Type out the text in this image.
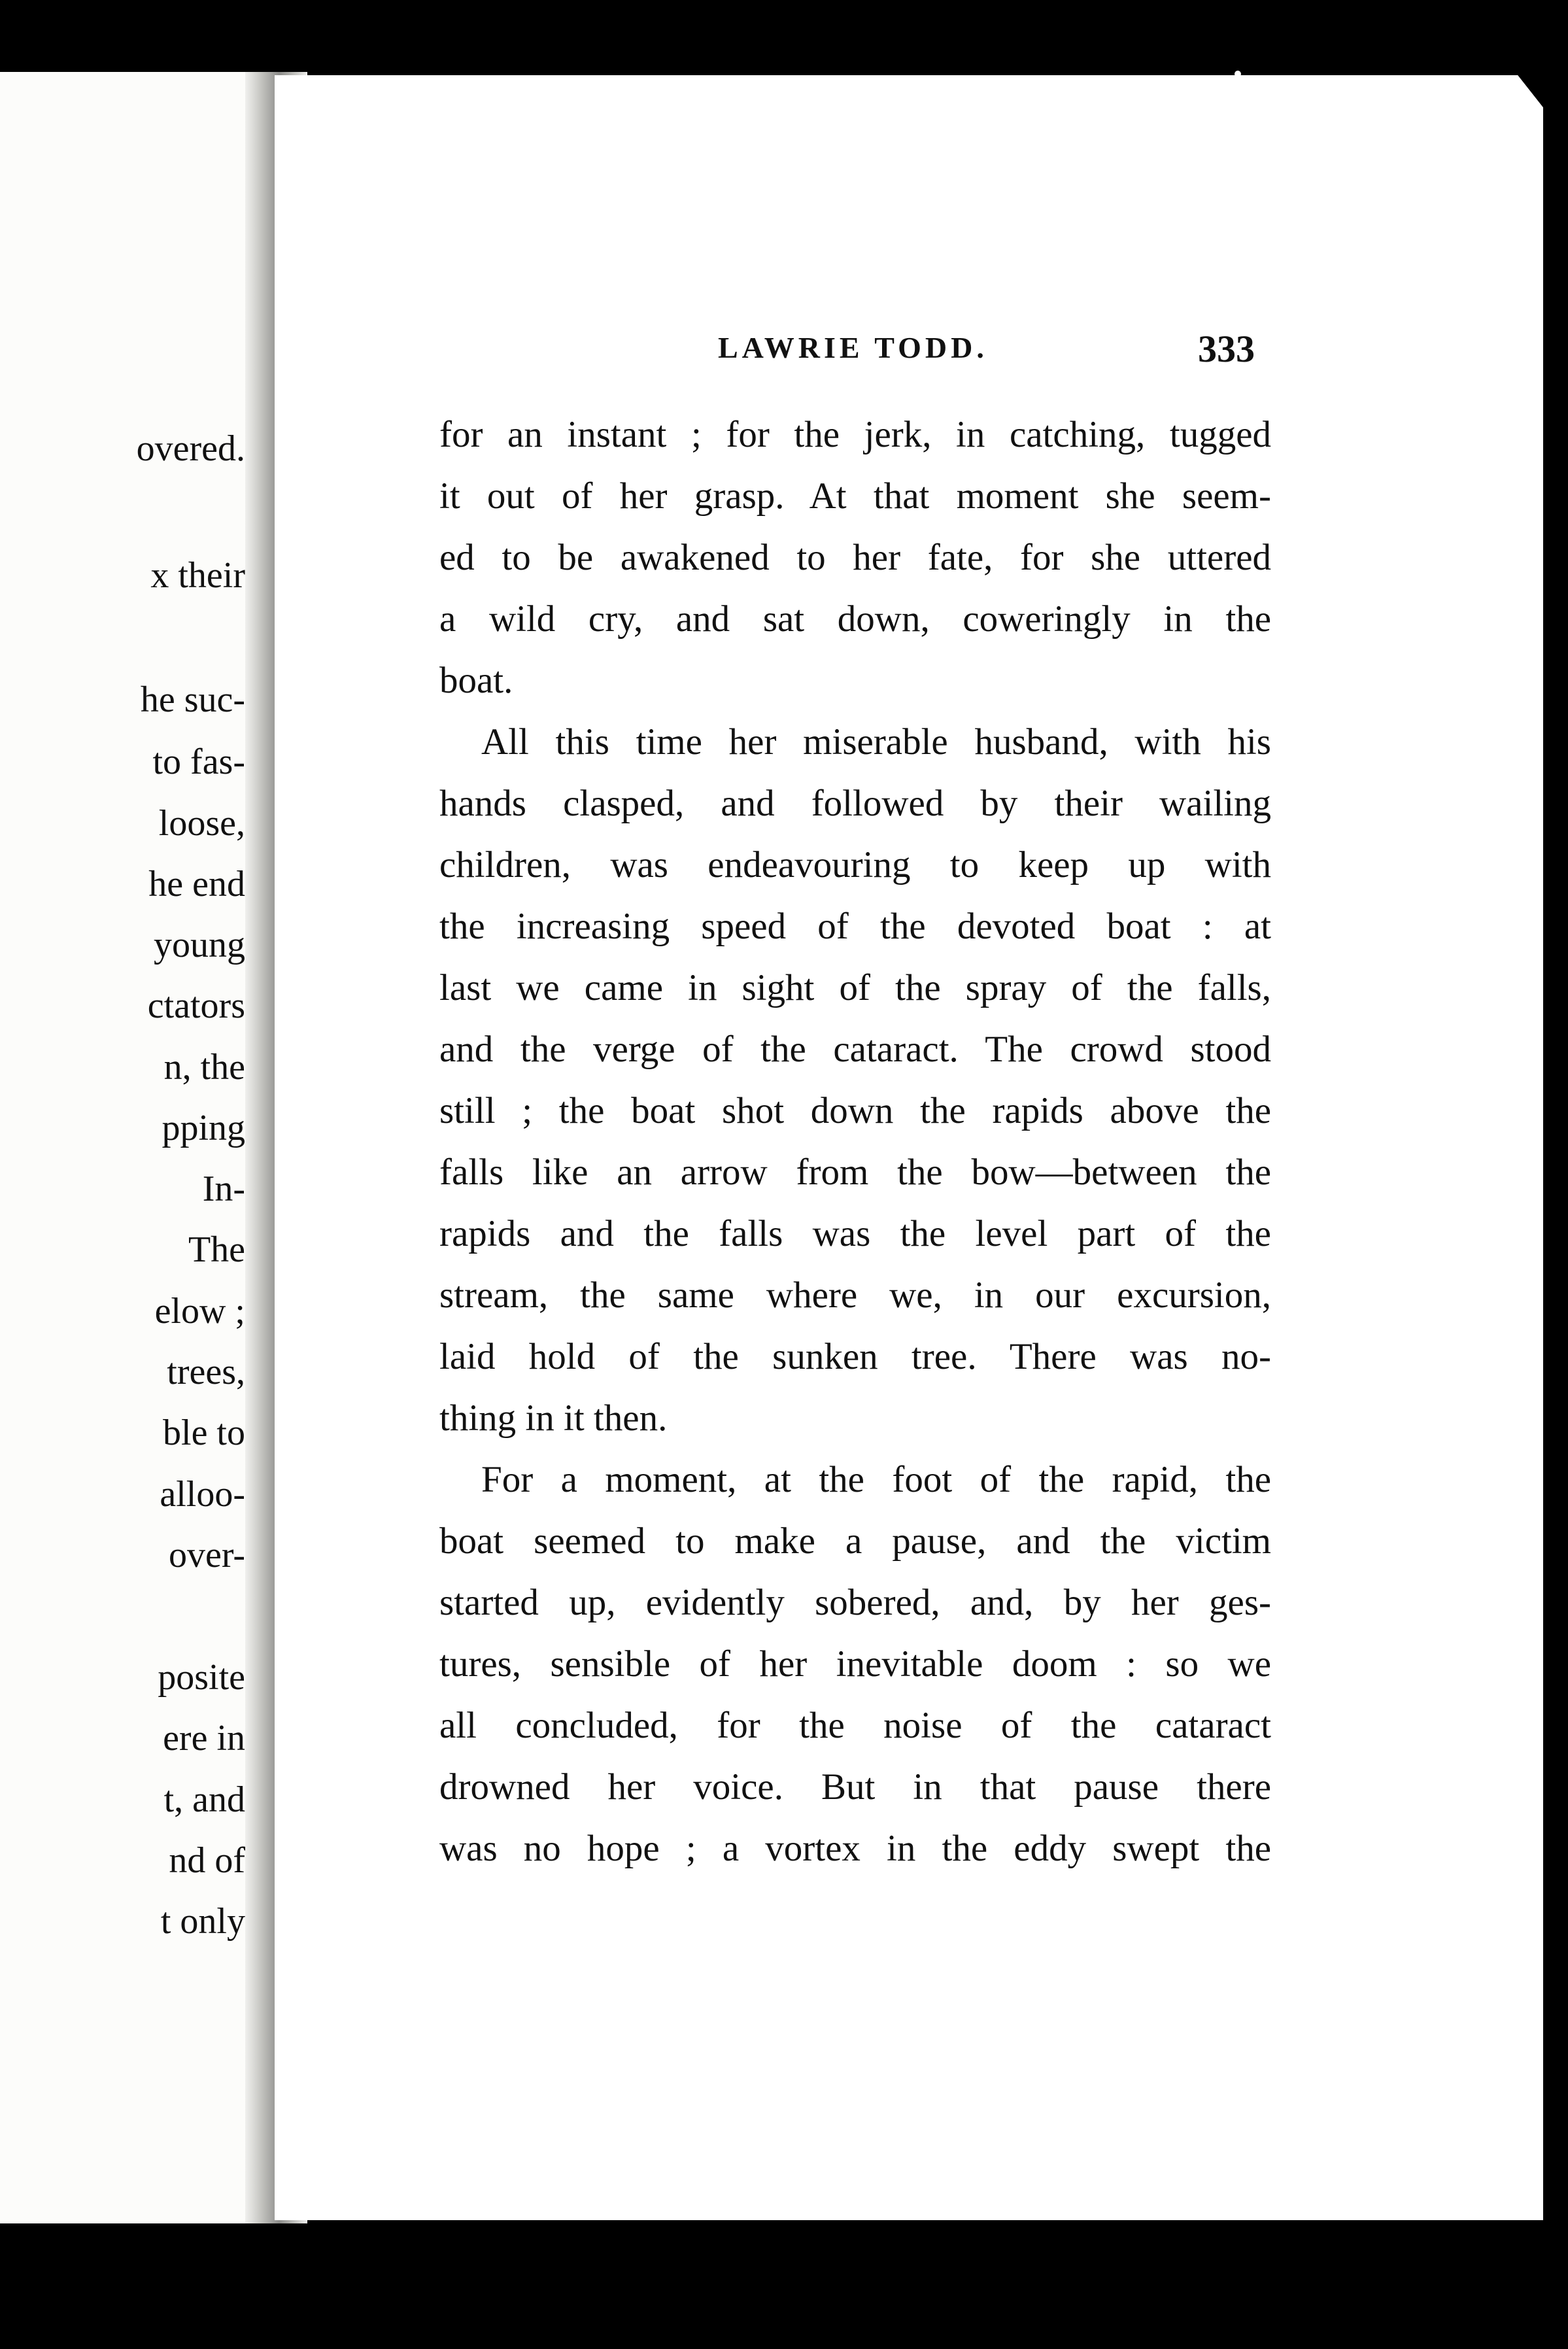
overed.
x their
he suc-
to fas-
loose,
he end
young
ctators
n, the
pping
In-
The
elow ;
trees,
ble to
alloo-
over-
posite
ere in
t, and
nd of
t only
LAWRIE TODD.	333
for an instant ; for the jerk, in catching, tugged
it out of her grasp. At that moment she seem-
ed to be awakened to her fate, for she uttered
a wild cry, and sat down, coweringly in the
boat.
All this time her miserable husband, with his
hands clasped, and followed by their wailing
children, was endeavouring to keep up with
the increasing speed of the devoted boat : at
last we came in sight of the spray of the falls,
and the verge of the cataract. The crowd stood
still ; the boat shot down the rapids above the
falls like an arrow from the bow—between the
rapids and the falls was the level part of the
stream, the same where we, in our excursion,
laid hold of the sunken tree. There was no-
thing in it then.
For a moment, at the foot of the rapid, the
boat seemed to make a pause, and the victim
started up, evidently sobered, and, by her ges-
tures, sensible of her inevitable doom : so we
all concluded, for the noise of the cataract
drowned her voice. But in that pause there
was no hope ; a vortex in the eddy swept the
